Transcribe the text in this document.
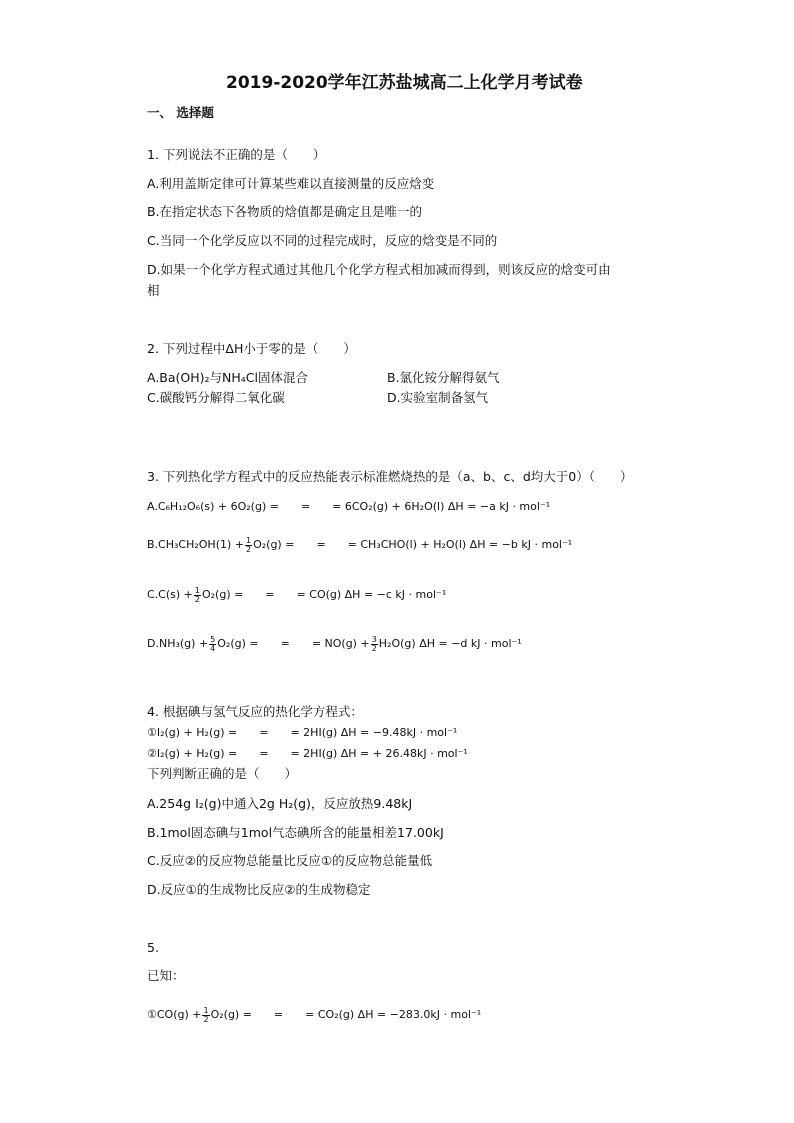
2019-2020学年江苏盐城高二上化学月考试卷
一、 选择题
1. 下列说法不正确的是（　　）
A.利用盖斯定律可计算某些难以直接测量的反应焓变
B.在指定状态下各物质的焓值都是确定且是唯一的
C.当同一个化学反应以不同的过程完成时，反应的焓变是不同的
D.如果一个化学方程式通过其他几个化学方程式相加减而得到，则该反应的焓变可由
相
2. 下列过程中ΔH小于零的是（　　）
A.Ba(OH)₂与NH₄Cl固体混合	B.氯化铵分解得氨气
C.碳酸钙分解得二氧化碳	D.实验室制备氢气
3. 下列热化学方程式中的反应热能表示标准燃烧热的是（a、b、c、d均大于0）（　　）
A.C₆H₁₂O₆(s) + 6O₂(g) =　　=　　= 6CO₂(g) + 6H₂O(l) ΔH = −a kJ · mol⁻¹
$B.CH_3CH_2OH(1) + \frac{1}{2} O_2(g)$ =　　=　　= CH₃CHO(l) + H₂O(l) ΔH = −b kJ · mol⁻¹
$C.C(s) + \frac{1}{2} O_2(g)$ =　　=　　= CO(g) ΔH = −c kJ · mol⁻¹
$D.NH_3(g) + \frac{5}{4} O_2(g)$ =　　=　　= $NO(g) + \frac{3}{2} H_2O(g) \Delta H = -d$ kJ · mol⁻¹
4. 根据碘与氢气反应的热化学方程式：
①I₂(g) + H₂(g) =　　=　　= 2HI(g) ΔH = −9.48kJ · mol⁻¹
②I₂(g) + H₂(g) =　　=　　= 2HI(g) ΔH = + 26.48kJ · mol⁻¹
下列判断正确的是（　　）
A.254g I₂(g)中通入2g H₂(g)，反应放热9.48kJ
B.1mol固态碘与1mol气态碘所含的能量相差17.00kJ
C.反应②的反应物总能量比反应①的反应物总能量低
D.反应①的生成物比反应②的生成物稳定
5.
已知：
①CO(g) + $\frac{1}{2} O_2(g)$ =　　=　　= CO₂(g) ΔH = −283.0kJ · mol⁻¹
